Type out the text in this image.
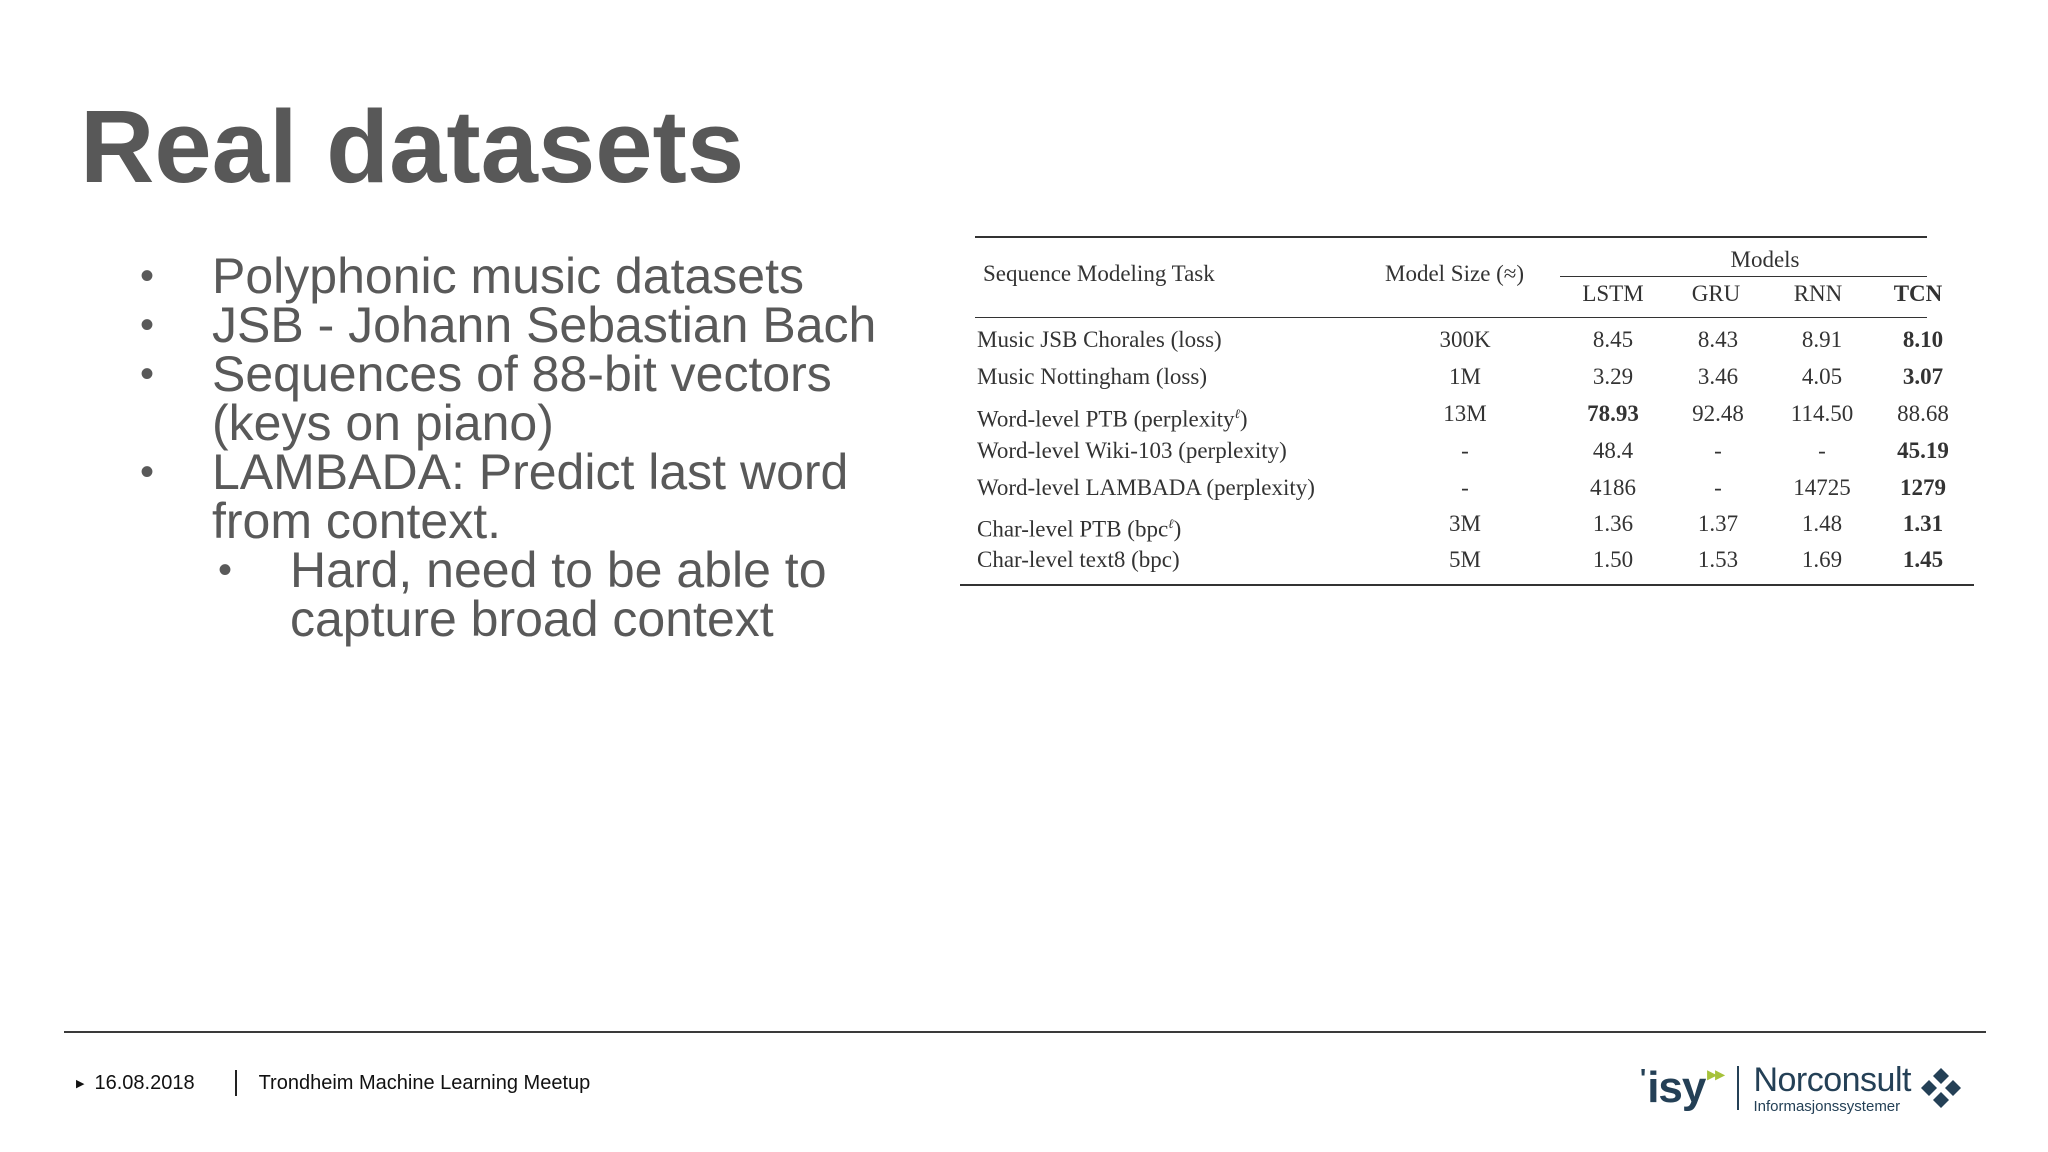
Real datasets
•	Polyphonic music datasets
•	JSB - Johann Sebastian Bach
•	Sequences of 88-bit vectors (keys on piano)
•	LAMBADA: Predict last word from context.
•	Hard, need to be able to capture broad context
Sequence Modeling Task	Model Size (≈)
Models
LSTM GRU RNN TCN
Music JSB Chorales (loss)	300K	8.45	8.43	8.91	8.10
Music Nottingham (loss)	1M	3.29	3.46	4.05	3.07
Word-level PTB (perplexity$^\ell$)	13M	78.93 92.48 114.50 88.68
Word-level Wiki-103 (perplexity)	-	48.4	-	-	45.19
Word-level LAMBADA (perplexity)	-	4186	-	14725 1279
Char-level PTB (bpc$^\ell$)	3M	1.36	1.37	1.48	1.31
Char-level text8 (bpc)	5M	1.50	1.53	1.69	1.45
▶ 16.08.2018	Trondheim Machine Learning Meetup	' isy ▸▸ Norconsult
Informasjonssystemer
